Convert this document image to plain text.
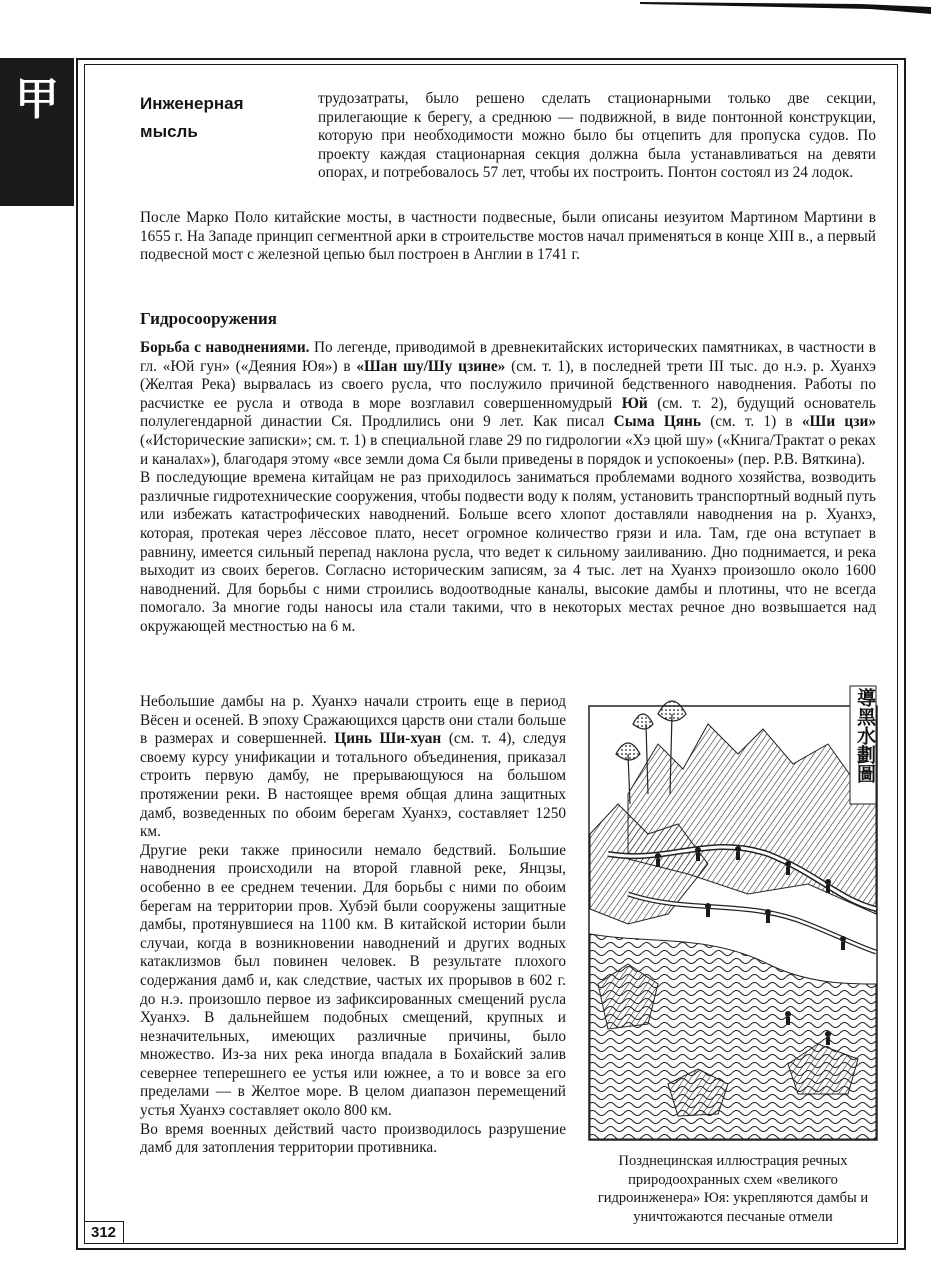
甲
312
Инженерная
мысль

трудозатраты, было решено сделать стационарными только две секции, прилегающие к берегу, а среднюю — подвижной, в виде понтонной конструкции, которую при необходимости можно было бы отцепить для пропуска судов. По проекту каждая стационарная секция должна была устанавливаться на девяти опорах, и потребовалось 57 лет, чтобы их построить. Понтон состоял из 24 лодок.

После Марко Поло китайские мосты, в частности подвесные, были описаны иезуитом Мартином Мартини в 1655 г. На Западе принцип сегментной арки в строительстве мостов начал применяться в конце XIII в., а первый подвесной мост с железной цепью был построен в Англии в 1741 г.

Гидросооружения

Борьба с наводнениями. По легенде, приводимой в древнекитайских исторических памятниках, в частности в гл. «Юй гун» («Деяния Юя») в «Шан шу/Шу цзине» (см. т. 1), в последней трети III тыс. до н.э. р. Хуанхэ (Желтая Река) вырвалась из своего русла, что послужило причиной бедственного наводнения. Работы по расчистке ее русла и отвода в море возглавил совершенномудрый Юй (см. т. 2), будущий основатель полулегендарной династии Ся. Продлились они 9 лет. Как писал Сыма Цянь (см. т. 1) в «Ши цзи» («Исторические записки»; см. т. 1) в специальной главе 29 по гидрологии «Хэ цюй шу» («Книга/Трактат о реках и каналах»), благодаря этому «все земли дома Ся были приведены в порядок и успокоены» (пер. Р.В. Вяткина).

В последующие времена китайцам не раз приходилось заниматься проблемами водного хозяйства, возводить различные гидротехнические сооружения, чтобы подвести воду к полям, установить транспортный водный путь или избежать катастрофических наводнений. Больше всего хлопот доставляли наводнения на р. Хуанхэ, которая, протекая через лёссовое плато, несет огромное количество грязи и ила. Там, где она вступает в равнину, имеется сильный перепад наклона русла, что ведет к сильному заиливанию. Дно поднимается, и река выходит из своих берегов. Согласно историческим записям, за 4 тыс. лет на Хуанхэ произошло около 1600 наводнений. Для борьбы с ними строились водоотводные каналы, высокие дамбы и плотины, что не всегда помогало. За многие годы наносы ила стали такими, что в некоторых местах речное дно возвышается над окружающей местностью на 6 м.

Небольшие дамбы на р. Хуанхэ начали строить еще в период Вёсен и осеней. В эпоху Сражающихся царств они стали больше в размерах и совершенней. Цинь Ши-хуан (см. т. 4), следуя своему курсу унификации и тотального объединения, приказал строить первую дамбу, не прерывающуюся на большом протяжении реки. В настоящее время общая длина защитных дамб, возведенных по обоим берегам Хуанхэ, составляет 1250 км.

Другие реки также приносили немало бедствий. Большие наводнения происходили на второй главной реке, Янцзы, особенно в ее среднем течении. Для борьбы с ними по обоим берегам на территории пров. Хубэй были сооружены защитные дамбы, протянувшиеся на 1100 км. В китайской истории были случаи, когда в возникновении наводнений и других водных катаклизмов был повинен человек. В результате плохого содержания дамб и, как следствие, частых их прорывов в 602 г. до н.э. произошло первое из зафиксированных смещений русла Хуанхэ. В дальнейшем подобных смещений, крупных и незначительных, имеющих различные причины, было множество. Из-за них река иногда впадала в Бохайский залив севернее теперешнего ее устья или южнее, а то и вовсе за его пределами — в Желтое море. В целом диапазон перемещений устья Хуанхэ составляет около 800 км.

Во время военных действий часто производилось разрушение дамб для затопления территории противника.

導黑水劃圖
Позднецинская иллюстрация речных природоохранных схем «великого гидроинженера» Юя: укрепляются дамбы и уничтожаются песчаные отмели
